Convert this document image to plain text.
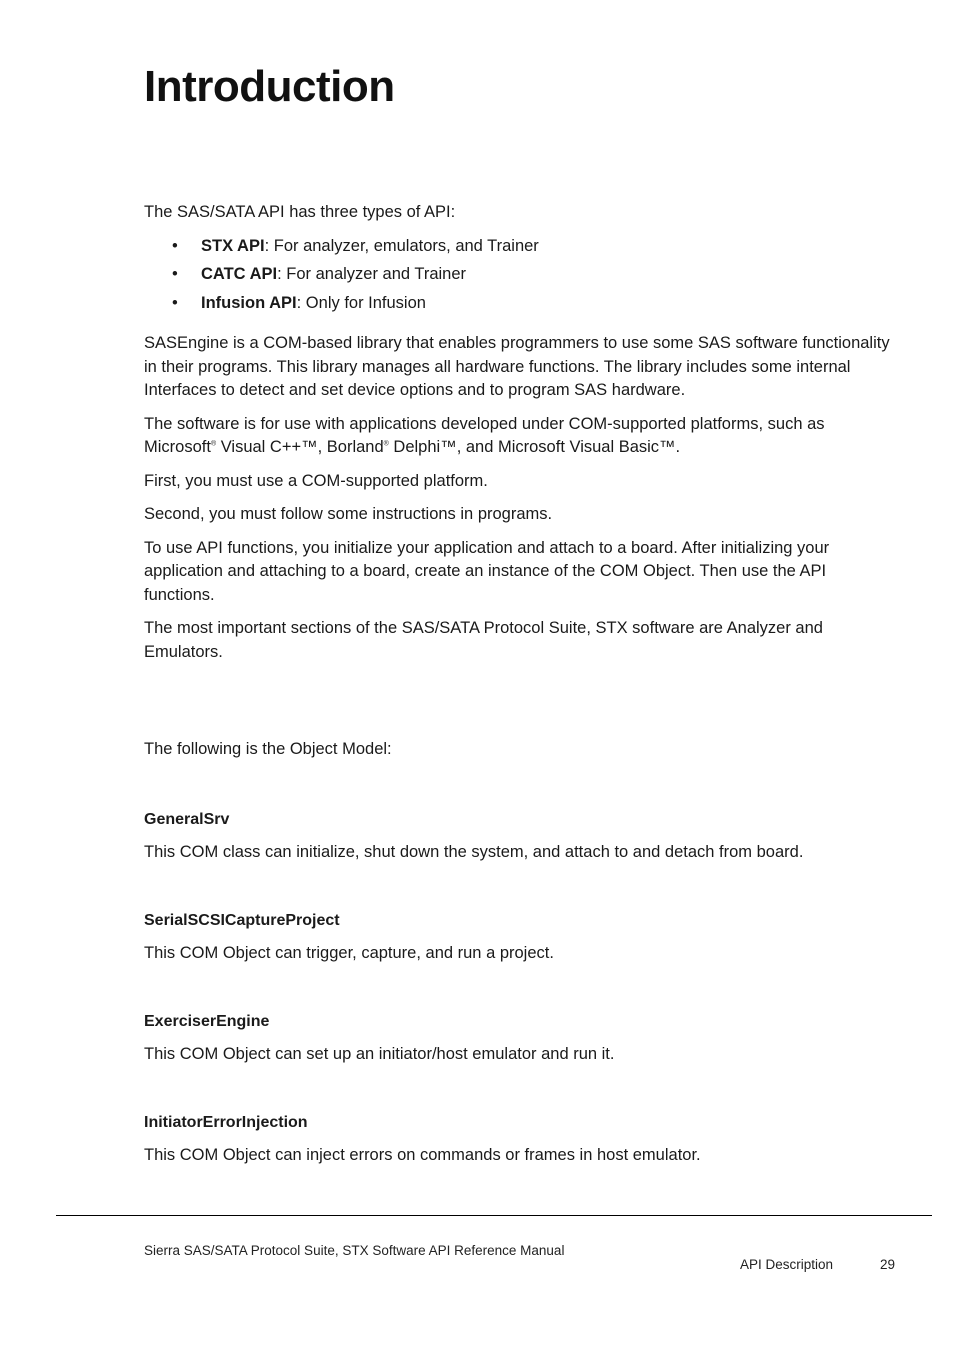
Introduction

The SAS/SATA API has three types of API:

• STX API: For analyzer, emulators, and Trainer
• CATC API: For analyzer and Trainer
• Infusion API: Only for Infusion

SASEngine is a COM-based library that enables programmers to use some SAS software functionality in their programs. This library manages all hardware functions. The library includes some internal Interfaces to detect and set device options and to program SAS hardware.

The software is for use with applications developed under COM-supported platforms, such as Microsoft® Visual C++™, Borland® Delphi™, and Microsoft Visual Basic™.

First, you must use a COM-supported platform.

Second, you must follow some instructions in programs.

To use API functions, you initialize your application and attach to a board. After initializing your application and attaching to a board, create an instance of the COM Object. Then use the API functions.

The most important sections of the SAS/SATA Protocol Suite, STX software are Analyzer and Emulators.

The following is the Object Model:

GeneralSrv

This COM class can initialize, shut down the system, and attach to and detach from board.

SerialSCSICaptureProject

This COM Object can trigger, capture, and run a project.

ExerciserEngine

This COM Object can set up an initiator/host emulator and run it.

InitiatorErrorInjection

This COM Object can inject errors on commands or frames in host emulator.

Sierra SAS/SATA Protocol Suite, STX Software API Reference Manual
API Description	29
